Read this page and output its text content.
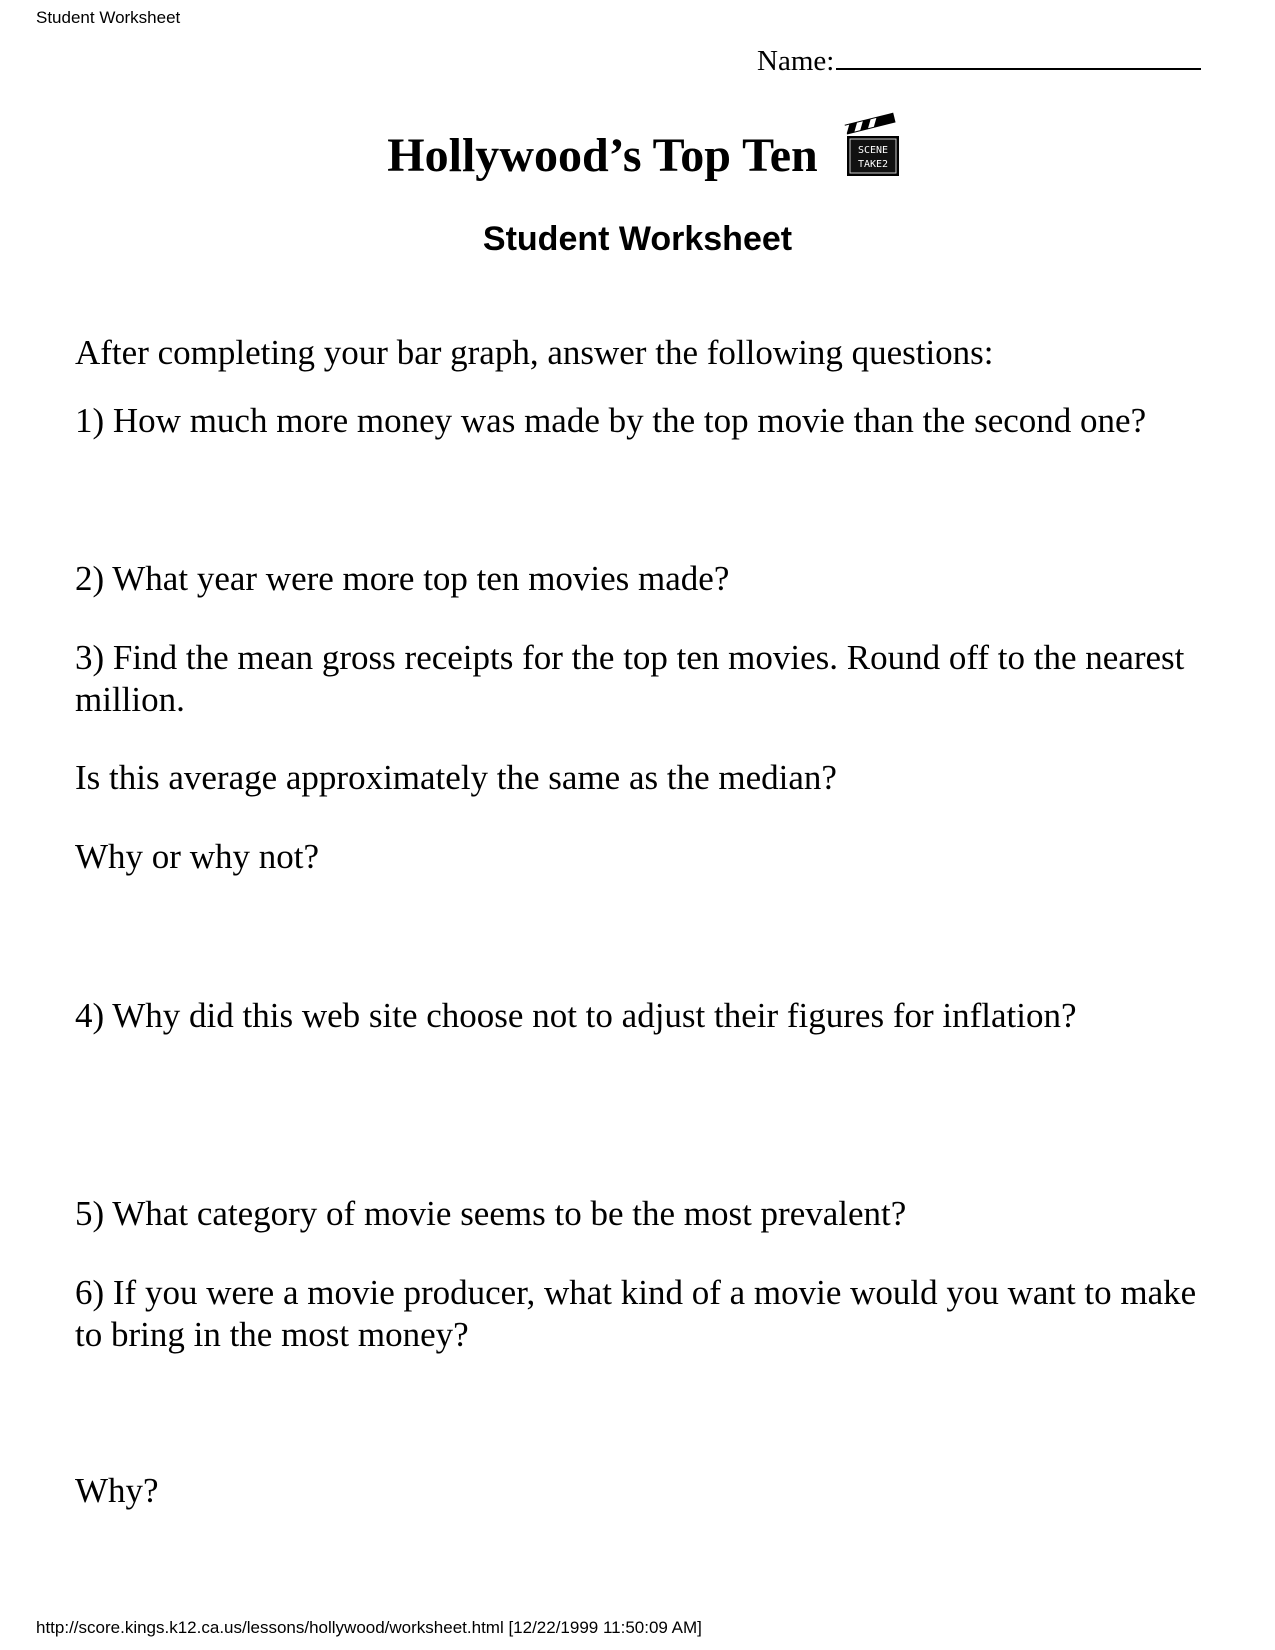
Student Worksheet
Name:
Hollywood’s Top Ten	SCENE
TAKE2
Student Worksheet
After completing your bar graph, answer the following questions:
1) How much more money was made by the top movie than the second one?
2) What year were more top ten movies made?
3) Find the mean gross receipts for the top ten movies. Round off to the nearest million.
Is this average approximately the same as the median?
Why or why not?
4) Why did this web site choose not to adjust their figures for inflation?
5) What category of movie seems to be the most prevalent?
6) If you were a movie producer, what kind of a movie would you want to make to bring in the most money?
Why?
http://score.kings.k12.ca.us/lessons/hollywood/worksheet.html [12/22/1999 11:50:09 AM]
